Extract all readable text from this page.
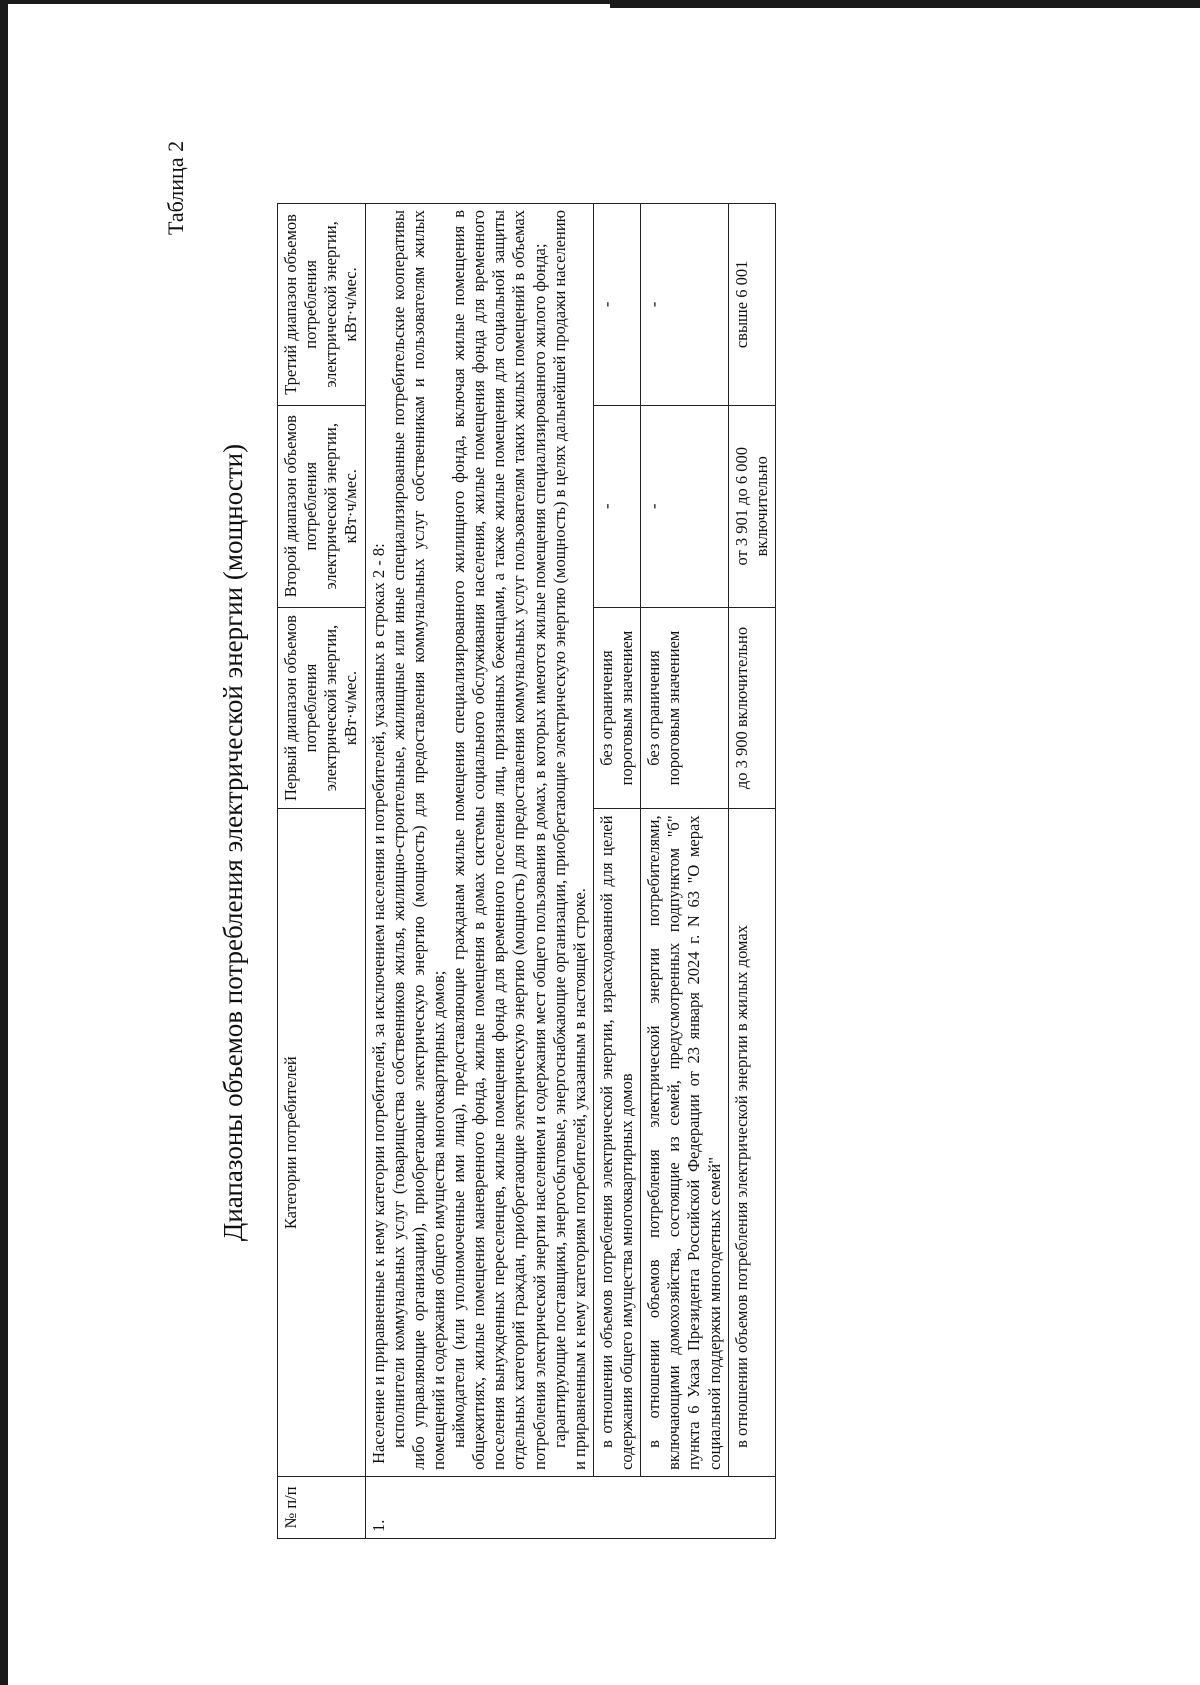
Таблица 2
Диапазоны объемов потребления электрической энергии (мощности)
№ п/п	Категории потребителей	Первый диапазон объемов потребления электрической энергии, кВт·ч/мес.	Второй диапазон объемов потребления электрической энергии, кВт·ч/мес.	Третий диапазон объемов потребления электрической энергии, кВт·ч/мес.
1.	Население и приравненные к нему категории потребителей, за исключением населения и потребителей, указанных в строках 2 - 8: исполнители коммунальных услуг (товарищества собственников жилья, жилищно-строительные, жилищные или иные специализированные потребительские кооперативы либо управляющие организации), приобретающие электрическую энергию (мощность) для предоставления коммунальных услуг собственникам и пользователям жилых помещений и содержания общего имущества многоквартирных домов; наймодатели (или уполномоченные ими лица), предоставляющие гражданам жилые помещения специализированного жилищного фонда, включая жилые помещения в общежитиях, жилые помещения маневренного фонда, жилые помещения в домах системы социального обслуживания населения, жилые помещения фонда для временного поселения вынужденных переселенцев, жилые помещения фонда для временного поселения лиц, признанных беженцами, а также жилые помещения для социальной защиты отдельных категорий граждан, приобретающие электрическую энергию (мощность) для предоставления коммунальных услуг пользователям таких жилых помещений в объемах потребления электрической энергии населением и содержания мест общего пользования в домах, в которых имеются жилые помещения специализированного жилого фонда; гарантирующие поставщики, энергосбытовые, энергоснабжающие организации, приобретающие электрическую энергию (мощность) в целях дальнейшей продажи населению и приравненным к нему категориям потребителей, указанным в настоящей строке.			

	в отношении объемов потребления электрической энергии, израсходованной для целей содержания общего имущества многоквартирных домов	без ограничения пороговым значением	-	-

	в отношении объемов потребления электрической энергии потребителями, включающими домохозяйства, состоящие из семей, предусмотренных подпунктом "б" пункта 6 Указа Президента Российской Федерации от 23 января 2024 г. N 63 "О мерах социальной поддержки многодетных семей"	без ограничения пороговым значением	-	-

	в отношении объемов потребления электрической энергии в жилых домах	до 3 900 включительно	от 3 901 до 6 000 включительно	свыше 6 001
